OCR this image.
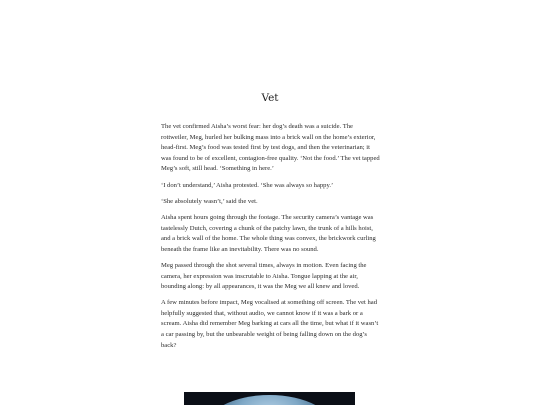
Vet

The vet confirmed Aisha’s worst fear: her dog’s death was a suicide. The rottweiler, Meg, hurled her bulking mass into a brick wall on the home’s exterior, head-first. Meg’s food was tested first by test dogs, and then the veterinarian; it was found to be of excellent, contagion-free quality. ‘Not the food.’ The vet tapped Meg’s soft, still head. ‘Something in here.’

‘I don’t understand,’ Aisha protested. ‘She was always so happy.’

‘She absolutely wasn’t,’ said the vet.

Aisha spent hours going through the footage. The security camera’s vantage was tastelessly Dutch, covering a chunk of the patchy lawn, the trunk of a hills hoist, and a brick wall of the home. The whole thing was convex, the brickwork curling beneath the frame like an inevitability. There was no sound.

Meg passed through the shot several times, always in motion. Even facing the camera, her expression was inscrutable to Aisha. Tongue lapping at the air, bounding along: by all appearances, it was the Meg we all knew and loved.

A few minutes before impact, Meg vocalised at something off screen. The vet had helpfully suggested that, without audio, we cannot know if it was a bark or a scream. Aisha did remember Meg barking at cars all the time, but what if it wasn’t a car passing by, but the unbearable weight of being falling down on the dog’s back?
